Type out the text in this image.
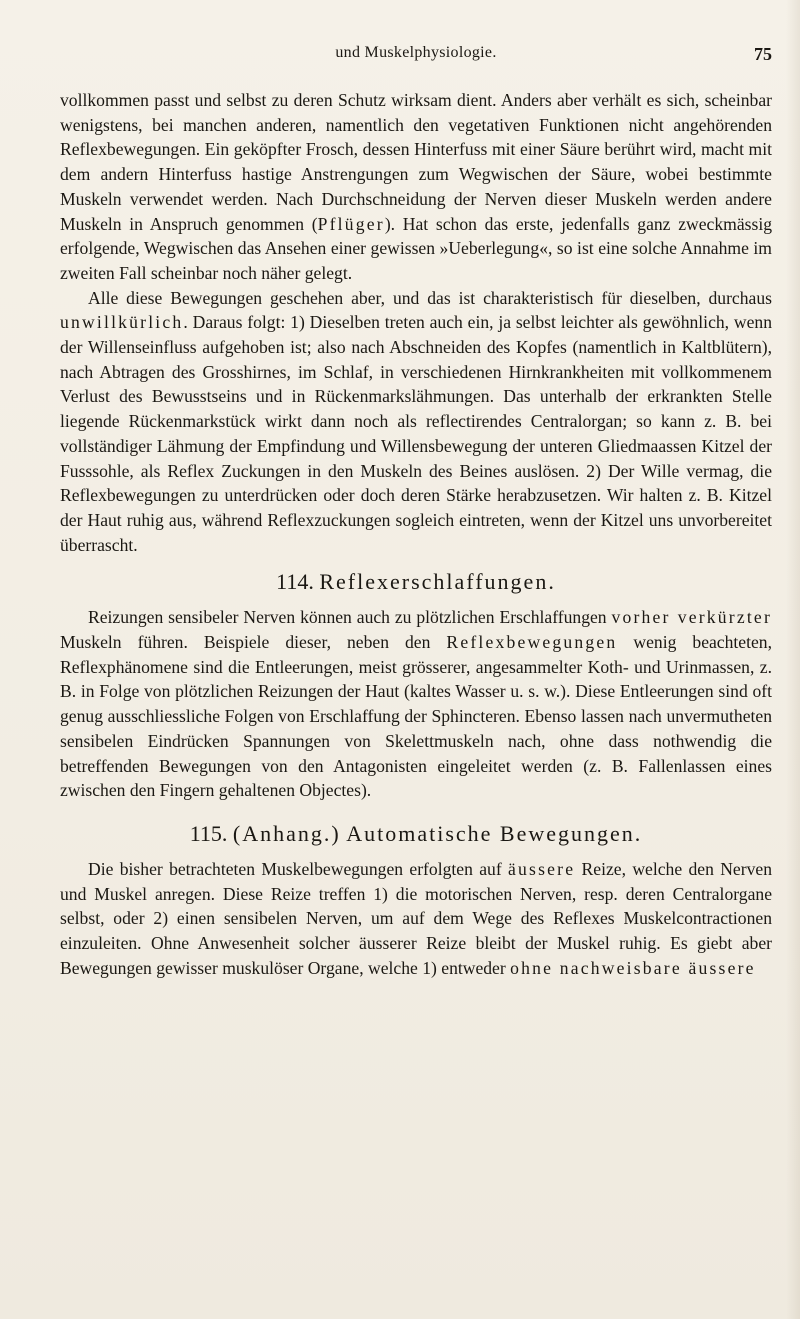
und Muskelphysiologie.	75

vollkommen passt und selbst zu deren Schutz wirksam dient. Anders aber verhält es sich, scheinbar wenigstens, bei manchen anderen, namentlich den vegetativen Funktionen nicht angehörenden Reflexbewegungen. Ein geköpfter Frosch, dessen Hinterfuss mit einer Säure berührt wird, macht mit dem andern Hinterfuss hastige Anstrengungen zum Wegwischen der Säure, wobei bestimmte Muskeln verwendet werden. Nach Durchschneidung der Nerven dieser Muskeln werden andere Muskeln in Anspruch genommen (Pflüger). Hat schon das erste, jedenfalls ganz zweckmässig erfolgende, Wegwischen das Ansehen einer gewissen »Ueberlegung«, so ist eine solche Annahme im zweiten Fall scheinbar noch näher gelegt.

Alle diese Bewegungen geschehen aber, und das ist charakteristisch für dieselben, durchaus unwillkürlich. Daraus folgt: 1) Dieselben treten auch ein, ja selbst leichter als gewöhnlich, wenn der Willenseinfluss aufgehoben ist; also nach Abschneiden des Kopfes (namentlich in Kaltblütern), nach Abtragen des Grosshirnes, im Schlaf, in verschiedenen Hirnkrankheiten mit vollkommenem Verlust des Bewusstseins und in Rückenmarkslähmungen. Das unterhalb der erkrankten Stelle liegende Rückenmarkstück wirkt dann noch als reflectirendes Centralorgan; so kann z. B. bei vollständiger Lähmung der Empfindung und Willensbewegung der unteren Gliedmaassen Kitzel der Fusssohle, als Reflex Zuckungen in den Muskeln des Beines auslösen. 2) Der Wille vermag, die Reflexbewegungen zu unterdrücken oder doch deren Stärke herabzusetzen. Wir halten z. B. Kitzel der Haut ruhig aus, während Reflexzuckungen sogleich eintreten, wenn der Kitzel uns unvorbereitet überrascht.

114. Reflexerschlaffungen.

Reizungen sensibeler Nerven können auch zu plötzlichen Erschlaffungen vorher verkürzter Muskeln führen. Beispiele dieser, neben den Reflexbewegungen wenig beachteten, Reflexphänomene sind die Entleerungen, meist grösserer, angesammelter Koth- und Urinmassen, z. B. in Folge von plötzlichen Reizungen der Haut (kaltes Wasser u. s. w.). Diese Entleerungen sind oft genug ausschliessliche Folgen von Erschlaffung der Sphincteren. Ebenso lassen nach unvermutheten sensibelen Eindrücken Spannungen von Skelettmuskeln nach, ohne dass nothwendig die betreffenden Bewegungen von den Antagonisten eingeleitet werden (z. B. Fallenlassen eines zwischen den Fingern gehaltenen Objectes).

115. (Anhang.) Automatische Bewegungen.

Die bisher betrachteten Muskelbewegungen erfolgten auf äussere Reize, welche den Nerven und Muskel anregen. Diese Reize treffen 1) die motorischen Nerven, resp. deren Centralorgane selbst, oder 2) einen sensibelen Nerven, um auf dem Wege des Reflexes Muskelcontractionen einzuleiten. Ohne Anwesenheit solcher äusserer Reize bleibt der Muskel ruhig. Es giebt aber Bewegungen gewisser muskulöser Organe, welche 1) entweder ohne nachweisbare äussere
